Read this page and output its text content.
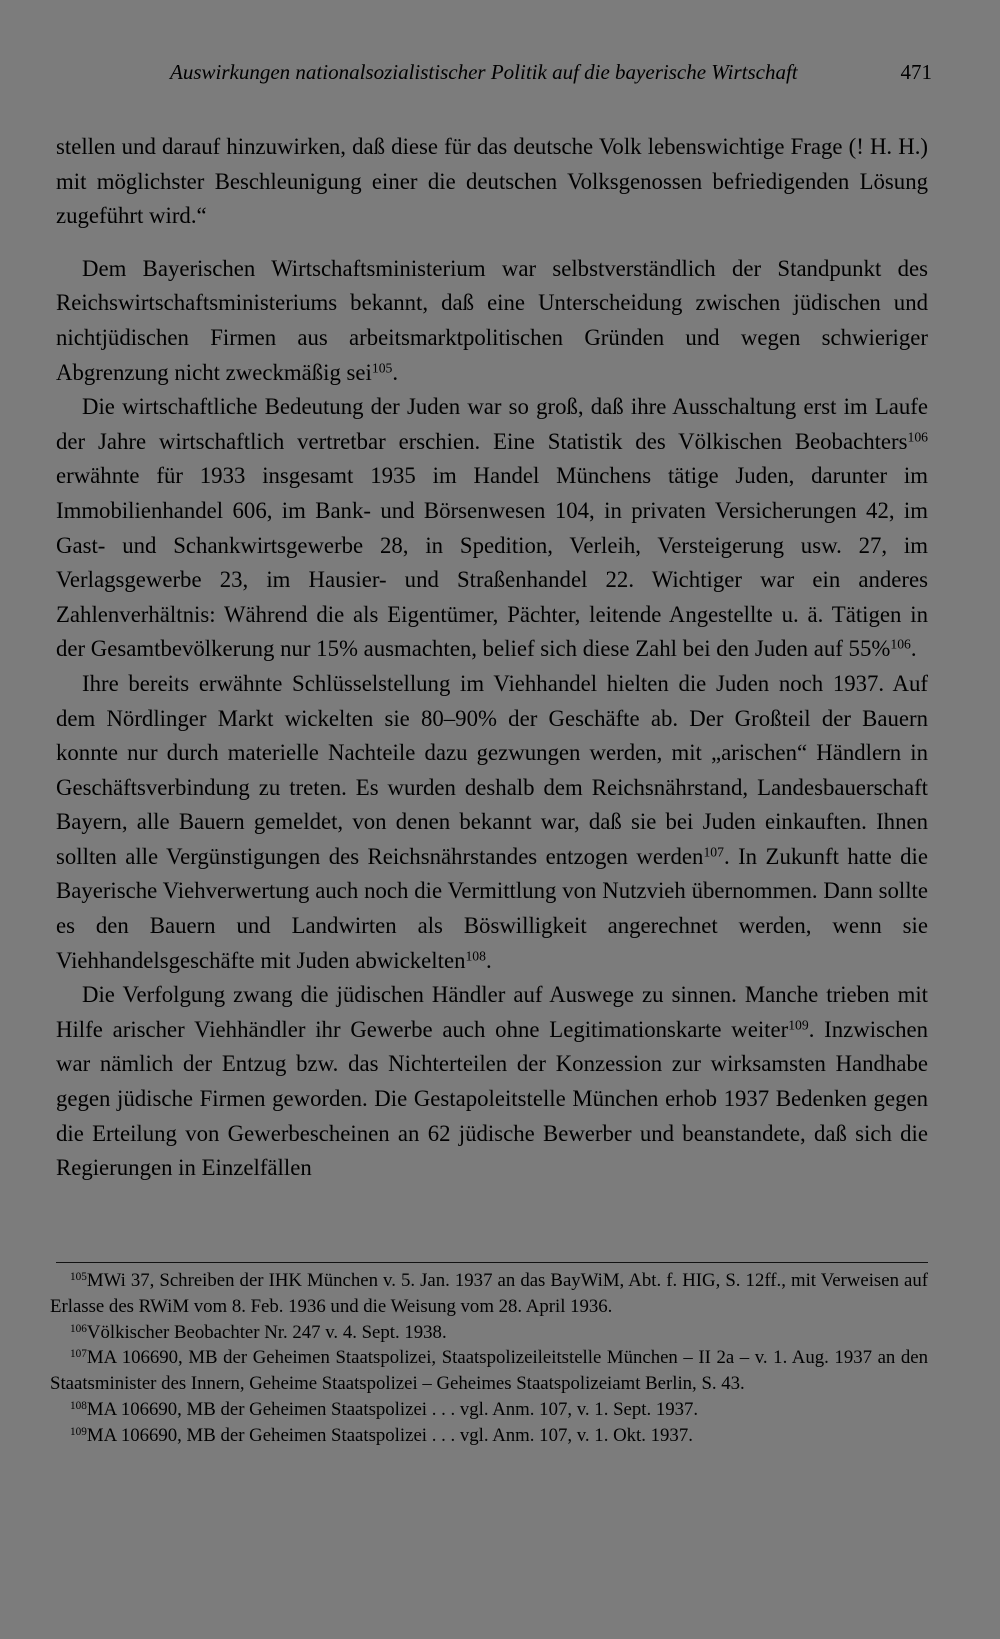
Auswirkungen nationalsozialistischer Politik auf die bayerische Wirtschaft	471

stellen und darauf hinzuwirken, daß diese für das deutsche Volk lebenswichtige Frage (! H. H.) mit möglichster Beschleunigung einer die deutschen Volksgenossen befriedigenden Lösung zugeführt wird.“

Dem Bayerischen Wirtschaftsministerium war selbstverständlich der Standpunkt des Reichswirtschaftsministeriums bekannt, daß eine Unterscheidung zwischen jüdischen und nichtjüdischen Firmen aus arbeitsmarktpolitischen Gründen und wegen schwieriger Abgrenzung nicht zweckmäßig sei$^{105}$.

Die wirtschaftliche Bedeutung der Juden war so groß, daß ihre Ausschaltung erst im Laufe der Jahre wirtschaftlich vertretbar erschien. Eine Statistik des Völkischen Beobachters$^{106}$ erwähnte für 1933 insgesamt 1935 im Handel Münchens tätige Juden, darunter im Immobilienhandel 606, im Bank- und Börsenwesen 104, in privaten Versicherungen 42, im Gast- und Schankwirtsgewerbe 28, in Spedition, Verleih, Versteigerung usw. 27, im Verlagsgewerbe 23, im Hausier- und Straßenhandel 22. Wichtiger war ein anderes Zahlenverhältnis: Während die als Eigentümer, Pächter, leitende Angestellte u. ä. Tätigen in der Gesamtbevölkerung nur 15% ausmachten, belief sich diese Zahl bei den Juden auf 55%$^{106}$.

Ihre bereits erwähnte Schlüsselstellung im Viehhandel hielten die Juden noch 1937. Auf dem Nördlinger Markt wickelten sie 80–90% der Geschäfte ab. Der Großteil der Bauern konnte nur durch materielle Nachteile dazu gezwungen werden, mit „arischen“ Händlern in Geschäftsverbindung zu treten. Es wurden deshalb dem Reichsnährstand, Landesbauerschaft Bayern, alle Bauern gemeldet, von denen bekannt war, daß sie bei Juden einkauften. Ihnen sollten alle Vergünstigungen des Reichsnährstandes entzogen werden$^{107}$. In Zukunft hatte die Bayerische Viehverwertung auch noch die Vermittlung von Nutzvieh übernommen. Dann sollte es den Bauern und Landwirten als Böswilligkeit angerechnet werden, wenn sie Viehhandelsgeschäfte mit Juden abwickelten$^{108}$.

Die Verfolgung zwang die jüdischen Händler auf Auswege zu sinnen. Manche trieben mit Hilfe arischer Viehhändler ihr Gewerbe auch ohne Legitimationskarte weiter$^{109}$. Inzwischen war nämlich der Entzug bzw. das Nichterteilen der Konzession zur wirksamsten Handhabe gegen jüdische Firmen geworden. Die Gestapoleitstelle München erhob 1937 Bedenken gegen die Erteilung von Gewerbescheinen an 62 jüdische Bewerber und beanstandete, daß sich die Regierungen in Einzelfällen

$^{105}$MWi 37, Schreiben der IHK München v. 5. Jan. 1937 an das BayWiM, Abt. f. HIG, S. 12ff., mit Verweisen auf Erlasse des RWiM vom 8. Feb. 1936 und die Weisung vom 28. April 1936.

$^{106}$Völkischer Beobachter Nr. 247 v. 4. Sept. 1938.

$^{107}$MA 106690, MB der Geheimen Staatspolizei, Staatspolizeileitstelle München – II 2a – v. 1. Aug. 1937 an den Staatsminister des Innern, Geheime Staatspolizei – Geheimes Staatspolizeiamt Berlin, S. 43.

$^{108}$MA 106690, MB der Geheimen Staatspolizei . . . vgl. Anm. 107, v. 1. Sept. 1937.

$^{109}$MA 106690, MB der Geheimen Staatspolizei . . . vgl. Anm. 107, v. 1. Okt. 1937.
